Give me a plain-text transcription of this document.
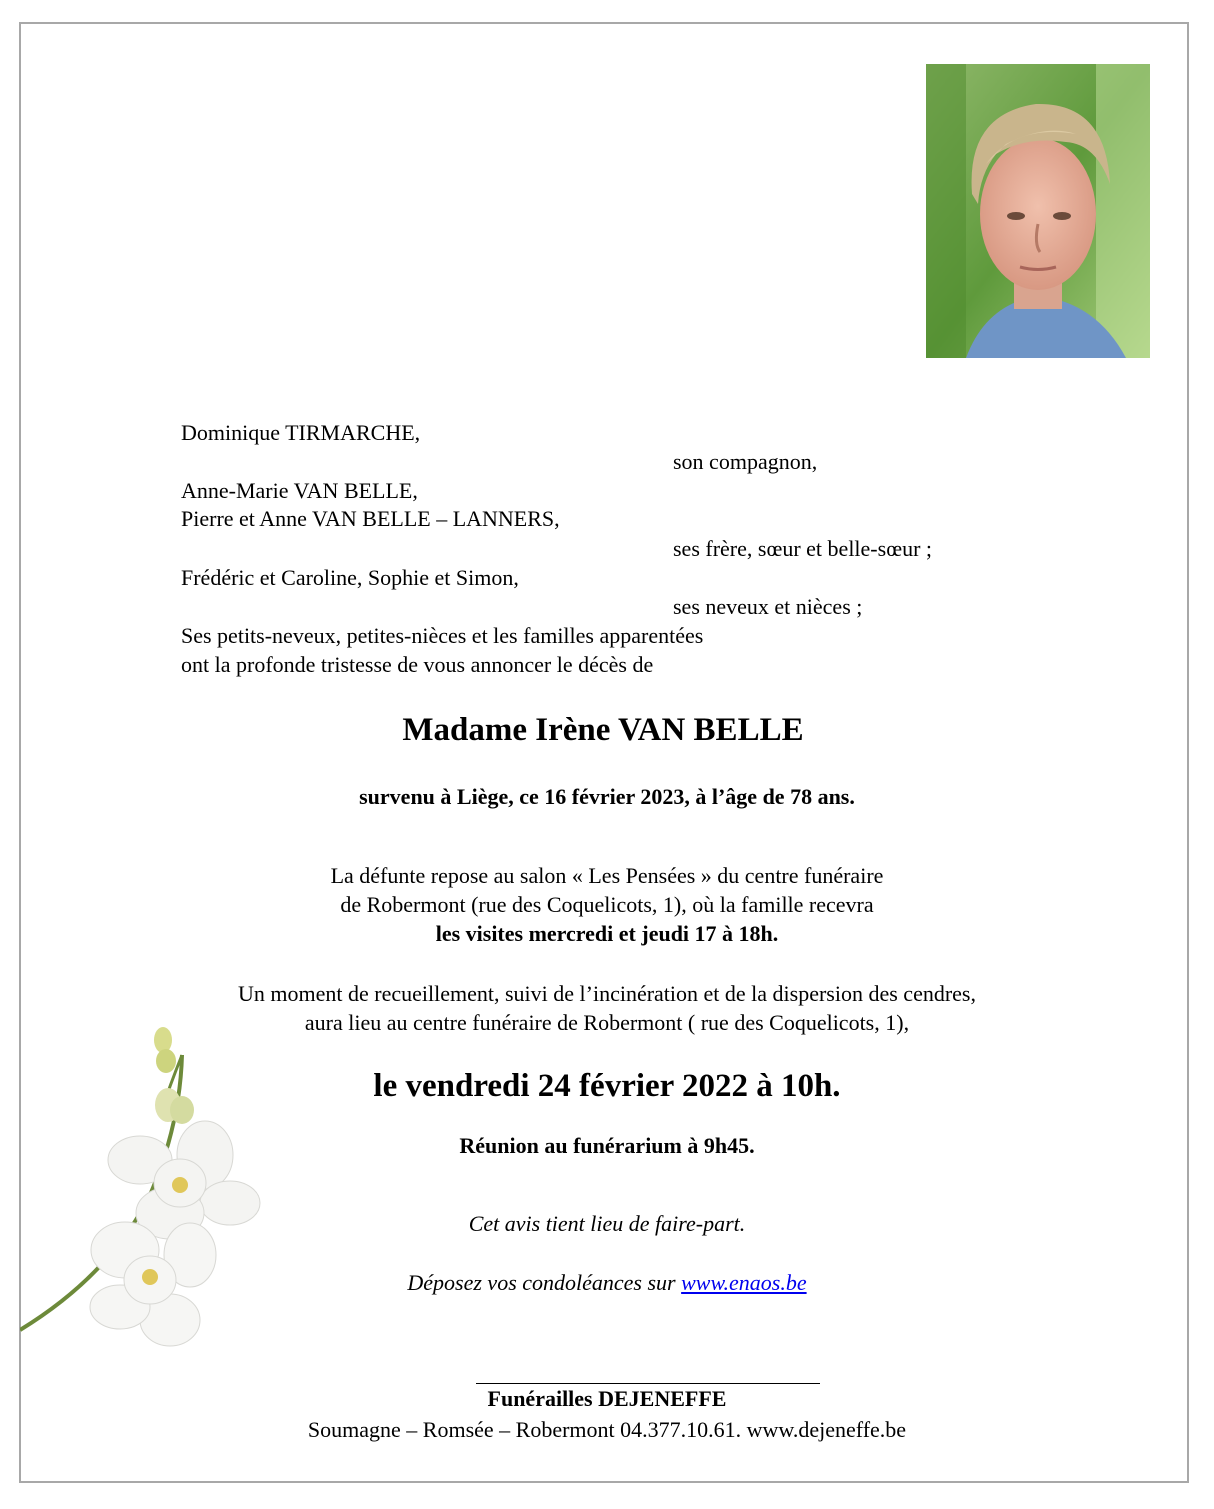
Dominique TIRMARCHE,
son compagnon,
Anne-Marie VAN BELLE,
Pierre et Anne VAN BELLE – LANNERS,
ses frère, sœur et belle-sœur ;
Frédéric et Caroline, Sophie et Simon,
ses neveux et nièces ;
Ses petits-neveux, petites-nièces et les familles apparentées
ont la profonde tristesse de vous annoncer le décès de
Madame Irène VAN BELLE
survenu à Liège, ce 16 février 2023, à l’âge de 78 ans.
La défunte repose au salon « Les Pensées » du centre funéraire
de Robermont (rue des Coquelicots, 1), où la famille recevra
les visites mercredi et jeudi 17 à 18h.
Un moment de recueillement, suivi de l’incinération et de la dispersion des cendres,
aura lieu au centre funéraire de Robermont ( rue des Coquelicots, 1),
le vendredi 24 février 2022 à 10h.
Réunion au funérarium à 9h45.
Cet avis tient lieu de faire-part.
Déposez vos condoléances sur www.enaos.be
Funérailles DEJENEFFE
Soumagne – Romsée – Robermont 04.377.10.61. www.dejeneffe.be
